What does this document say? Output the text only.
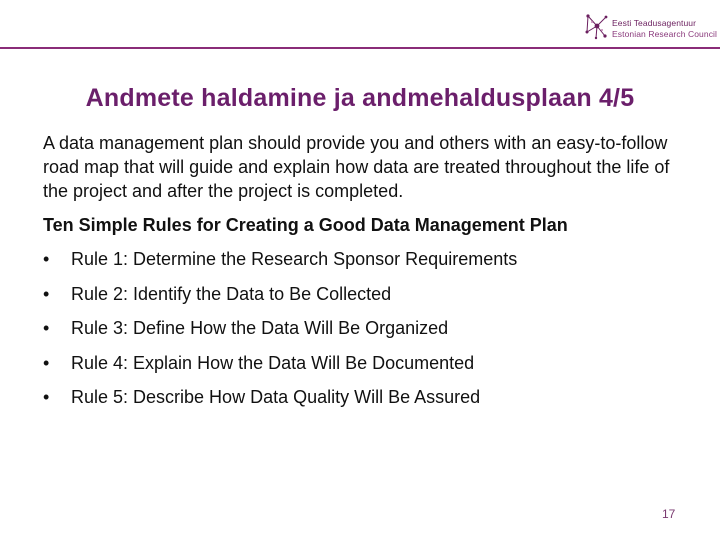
Eesti Teadusagentuur
Estonian Research Council
Andmete haldamine ja andmehaldusplaan 4/5

A data management plan should provide you and others with an easy-to-follow road map that will guide and explain how data are treated throughout the life of the project and after the project is completed.

Ten Simple Rules for Creating a Good Data Management Plan

•	Rule 1: Determine the Research Sponsor Requirements
•	Rule 2: Identify the Data to Be Collected
•	Rule 3: Define How the Data Will Be Organized
•	Rule 4: Explain How the Data Will Be Documented
•	Rule 5: Describe How Data Quality Will Be Assured
17
